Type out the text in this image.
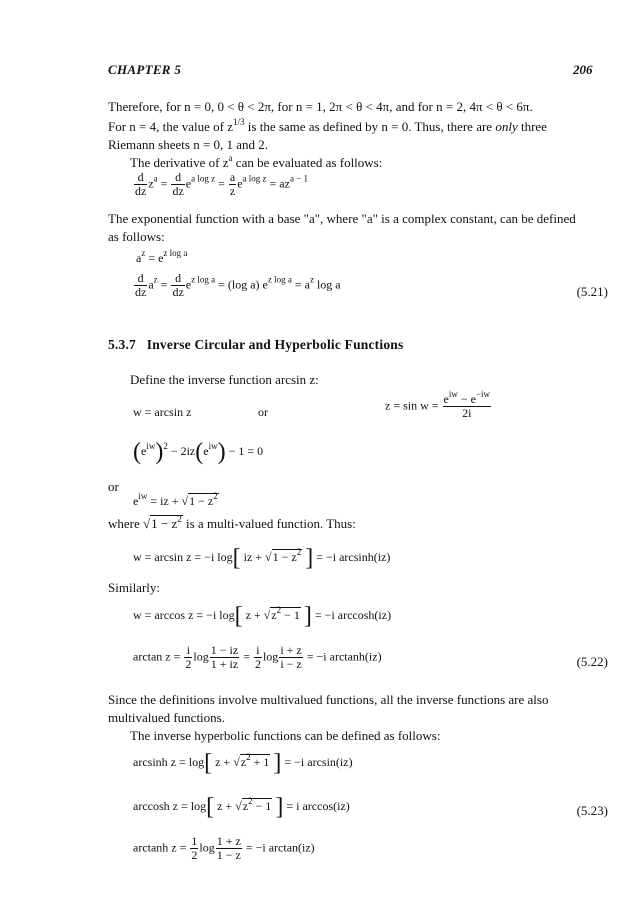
CHAPTER 5	206
Therefore, for n = 0, 0 < θ < 2π, for n = 1, 2π < θ < 4π, and for n = 2, 4π < θ < 6π.
For n = 4, the value of $z^{1/3}$ is the same as defined by n = 0. Thus, there are only three
Riemann sheets n = 0, 1 and 2.
The derivative of $z^a$ can be evaluated as follows:
$\frac{d}{dz} z^a = \frac{d}{dz} e^{a log z} = \frac{a}{z} e^{a log z} = az^{a - 1}$
The exponential function with a base "a", where "a" is a complex constant, can be defined
as follows:
$a^z = e^{z log a}$
$\frac{d}{dz} a^z = \frac{d}{dz} e^{z log a} = (\log$ a) $e^{z log a} = a^z$ log a	(5.21)
5.3.7 Inverse Circular and Hyperbolic Functions
Define the inverse function arcsin z:
w = arcsin z	or	$z = \sin w = \frac{e^{iw} - e^{-iw}}{2i}$
$(e^{iw})^2 - 2iz(e^{iw}) - 1 = 0$
or
$e^{iw}$ = iz + $√1 - z^2$
where $√1 - z^2$ is a multi-valued function. Thus:
w = arcsin z = −i log[ iz + $√1 - z^2$ ] = −i arcsinh(iz)
Similarly:
w = arccos z = −i log[ $z + √z^2 - 1$ ] = −i arccosh(iz)
$\arctan z = \frac{i}{2}$ $\log \frac{1 - iz}{1 + iz} = \frac{i}{2}$ $\log \frac{i + z}{i - z} = -i$ arctanh(iz)	(5.22)
Since the definitions involve multivalued functions, all the inverse functions are also
multivalued functions.
The inverse hyperbolic functions can be defined as follows:
arcsinh z = log[ $z + √z^2 + 1$ ] = −i arcsin(iz)
arccosh z = log[ $z + √z^2 - 1$ ] = i arccos(iz)	(5.23)
arctanh $z = \frac{1}{2}$ $\log \frac{1 + z}{1 - z} = -i$ arctan(iz)
